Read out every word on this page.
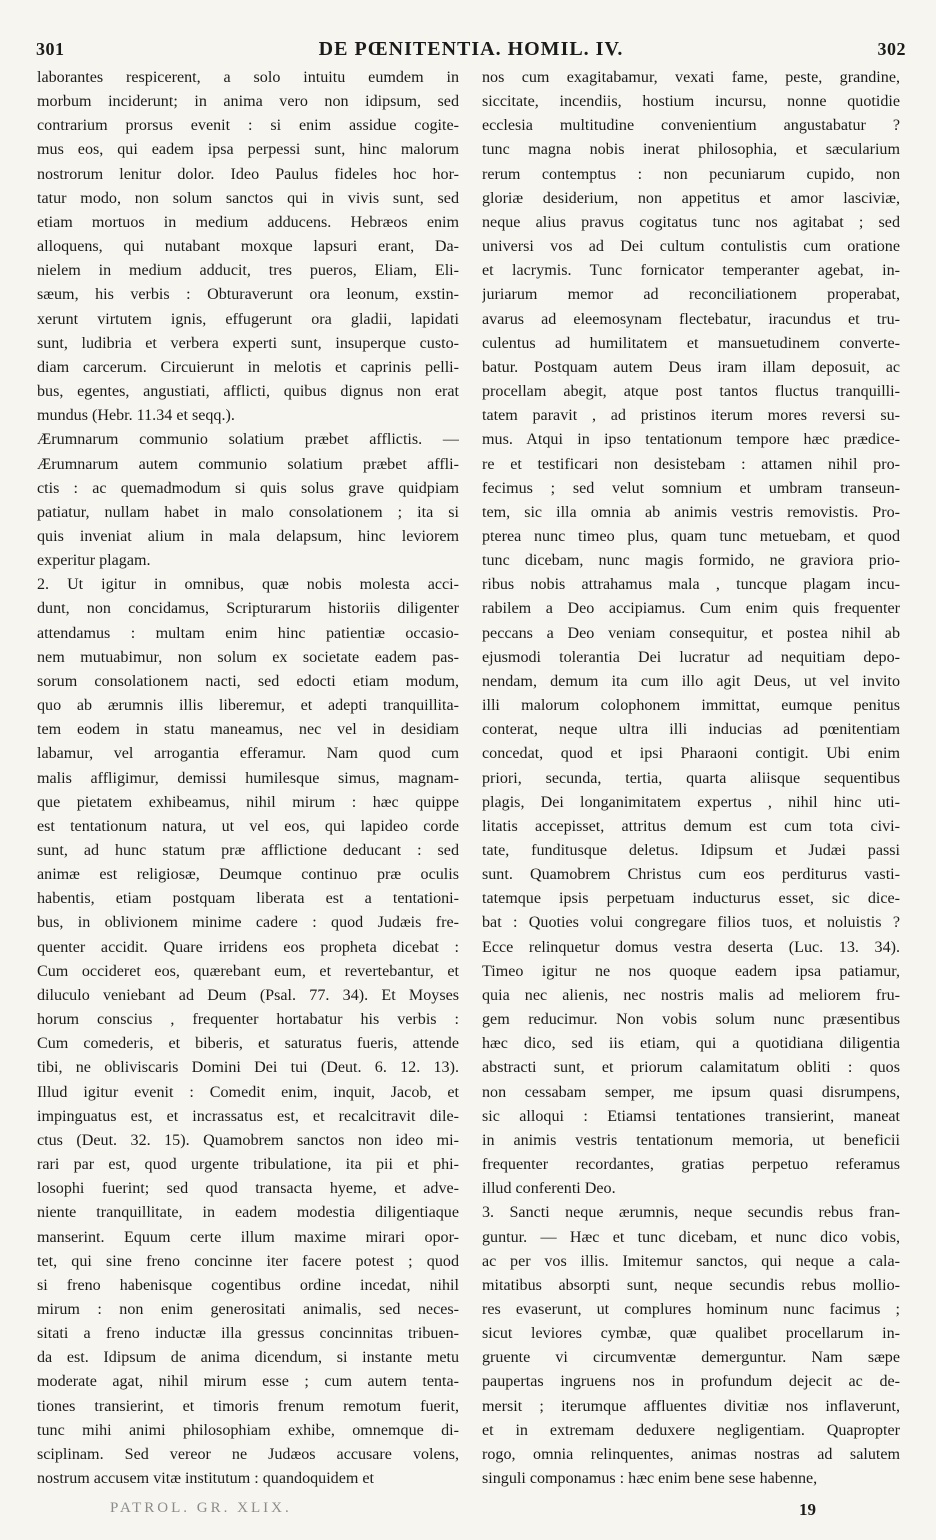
301	DE PŒNITENTIA. HOMIL. IV.	302
laborantes respicerent, a solo intuitu eumdem in
morbum inciderunt; in anima vero non idipsum, sed
contrarium prorsus evenit : si enim assidue cogite-
mus eos, qui eadem ipsa perpessi sunt, hinc malorum
nostrorum lenitur dolor. Ideo Paulus fideles hoc hor-
tatur modo, non solum sanctos qui in vivis sunt, sed
etiam mortuos in medium adducens. Hebræos enim
alloquens, qui nutabant moxque lapsuri erant, Da-
nielem in medium adducit, tres pueros, Eliam, Eli-
sæum, his verbis : Obturaverunt ora leonum, exstin-
xerunt virtutem ignis, effugerunt ora gladii, lapidati
sunt, ludibria et verbera experti sunt, insuperque custo-
diam carcerum. Circuierunt in melotis et caprinis pelli-
bus, egentes, angustiati, afflicti, quibus dignus non erat
mundus (Hebr. 11.34 et seqq.).
Ærumnarum communio solatium præbet afflictis. —
Ærumnarum autem communio solatium præbet affli-
ctis : ac quemadmodum si quis solus grave quidpiam
patiatur, nullam habet in malo consolationem ; ita si
quis inveniat alium in mala delapsum, hinc leviorem
experitur plagam.
2. Ut igitur in omnibus, quæ nobis molesta acci-
dunt, non concidamus, Scripturarum historiis diligenter
attendamus : multam enim hinc patientiæ occasio-
nem mutuabimur, non solum ex societate eadem pas-
sorum consolationem nacti, sed edocti etiam modum,
quo ab ærumnis illis liberemur, et adepti tranquillita-
tem eodem in statu maneamus, nec vel in desidiam
labamur, vel arrogantia efferamur. Nam quod cum
malis affligimur, demissi humilesque simus, magnam-
que pietatem exhibeamus, nihil mirum : hæc quippe
est tentationum natura, ut vel eos, qui lapideo corde
sunt, ad hunc statum præ afflictione deducant : sed
animæ est religiosæ, Deumque continuo præ oculis
habentis, etiam postquam liberata est a tentationi-
bus, in oblivionem minime cadere : quod Judæis fre-
quenter accidit. Quare irridens eos propheta dicebat :
Cum occideret eos, quærebant eum, et revertebantur, et
diluculo veniebant ad Deum (Psal. 77. 34). Et Moyses
horum conscius , frequenter hortabatur his verbis :
Cum comederis, et biberis, et saturatus fueris, attende
tibi, ne obliviscaris Domini Dei tui (Deut. 6. 12. 13).
Illud igitur evenit : Comedit enim, inquit, Jacob, et
impinguatus est, et incrassatus est, et recalcitravit dile-
ctus (Deut. 32. 15). Quamobrem sanctos non ideo mi-
rari par est, quod urgente tribulatione, ita pii et phi-
losophi fuerint; sed quod transacta hyeme, et adve-
niente tranquillitate, in eadem modestia diligentiaque
manserint. Equum certe illum maxime mirari opor-
tet, qui sine freno concinne iter facere potest ; quod
si freno habenisque cogentibus ordine incedat, nihil
mirum : non enim generositati animalis, sed neces-
sitati a freno inductæ illa gressus concinnitas tribuen-
da est. Idipsum de anima dicendum, si instante metu
moderate agat, nihil mirum esse ; cum autem tenta-
tiones transierint, et timoris frenum remotum fuerit,
tunc mihi animi philosophiam exhibe, omnemque di-
sciplinam. Sed vereor ne Judæos accusare volens,
nostrum accusem vitæ institutum : quandoquidem et
nos cum exagitabamur, vexati fame, peste, grandine,
siccitate, incendiis, hostium incursu, nonne quotidie
ecclesia multitudine convenientium angustabatur ?
tunc magna nobis inerat philosophia, et sæcularium
rerum contemptus : non pecuniarum cupido, non
gloriæ desiderium, non appetitus et amor lasciviæ,
neque alius pravus cogitatus tunc nos agitabat ; sed
universi vos ad Dei cultum contulistis cum oratione
et lacrymis. Tunc fornicator temperanter agebat, in-
juriarum memor ad reconciliationem properabat,
avarus ad eleemosynam flectebatur, iracundus et tru-
culentus ad humilitatem et mansuetudinem converte-
batur. Postquam autem Deus iram illam deposuit, ac
procellam abegit, atque post tantos fluctus tranquilli-
tatem paravit , ad pristinos iterum mores reversi su-
mus. Atqui in ipso tentationum tempore hæc prædice-
re et testificari non desistebam : attamen nihil pro-
fecimus ; sed velut somnium et umbram transeun-
tem, sic illa omnia ab animis vestris removistis. Pro-
pterea nunc timeo plus, quam tunc metuebam, et quod
tunc dicebam, nunc magis formido, ne graviora prio-
ribus nobis attrahamus mala , tuncque plagam incu-
rabilem a Deo accipiamus. Cum enim quis frequenter
peccans a Deo veniam consequitur, et postea nihil ab
ejusmodi tolerantia Dei lucratur ad nequitiam depo-
nendam, demum ita cum illo agit Deus, ut vel invito
illi malorum colophonem immittat, eumque penitus
conterat, neque ultra illi inducias ad pœnitentiam
concedat, quod et ipsi Pharaoni contigit. Ubi enim
priori, secunda, tertia, quarta aliisque sequentibus
plagis, Dei longanimitatem expertus , nihil hinc uti-
litatis accepisset, attritus demum est cum tota civi-
tate, funditusque deletus. Idipsum et Judæi passi
sunt. Quamobrem Christus cum eos perditurus vasti-
tatemque ipsis perpetuam inducturus esset, sic dice-
bat : Quoties volui congregare filios tuos, et noluistis ?
Ecce relinquetur domus vestra deserta (Luc. 13. 34).
Timeo igitur ne nos quoque eadem ipsa patiamur,
quia nec alienis, nec nostris malis ad meliorem fru-
gem reducimur. Non vobis solum nunc præsentibus
hæc dico, sed iis etiam, qui a quotidiana diligentia
abstracti sunt, et priorum calamitatum obliti : quos
non cessabam semper, me ipsum quasi disrumpens,
sic alloqui : Etiamsi tentationes transierint, maneat
in animis vestris tentationum memoria, ut beneficii
frequenter recordantes, gratias perpetuo referamus
illud conferenti Deo.
3. Sancti neque ærumnis, neque secundis rebus fran-
guntur. — Hæc et tunc dicebam, et nunc dico vobis,
ac per vos illis. Imitemur sanctos, qui neque a cala-
mitatibus absorpti sunt, neque secundis rebus mollio-
res evaserunt, ut complures hominum nunc facimus ;
sicut leviores cymbæ, quæ qualibet procellarum in-
gruente vi circumventæ demerguntur. Nam sæpe
paupertas ingruens nos in profundum dejecit ac de-
mersit ; iterumque affluentes divitiæ nos inflaverunt,
et in extremam deduxere negligentiam. Quapropter
rogo, omnia relinquentes, animas nostras ad salutem
singuli componamus : hæc enim bene sese habenne,
PATROL. GR. XLIX.	19
